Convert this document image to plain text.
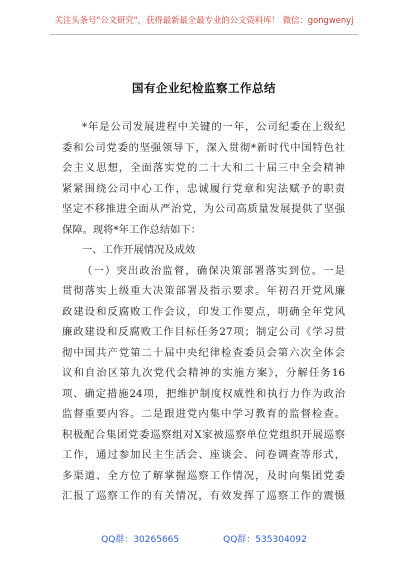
关注头条号"公文研究"，获得最新最全最专业的公文资料库！ 微信：gongwenyj
国有企业纪检监察工作总结
*年是公司发展进程中关键的一年，公司纪委在上级纪
委和公司党委的坚强领导下，深入贯彻*新时代中国特色社
会主义思想，全面落实党的二十大和二十届三中全会精神
紧紧围绕公司中心工作，忠诚履行党章和宪法赋予的职责
坚定不移推进全面从严治党，为公司高质量发展提供了坚强
保障。现将*年工作总结如下：
一、工作开展情况及成效
（一）突出政治监督，确保决策部署落实到位。一是
贯彻落实上级重大决策部署及指示要求。年初召开党风廉
政建设和反腐败工作会议，印发工作要点，明确全年党风
廉政建设和反腐败工作目标任务27项；制定公司《学习贯
彻中国共产党第二十届中央纪律检查委员会第六次全体会
议和自治区第九次党代会精神的实施方案》，分解任务16
项、确定措施24项，把维护制度权威性和执行力作为政治
监督重要内容。二是跟进党内集中学习教育的监督检查。
积极配合集团党委巡察组对X家被巡察单位党组织开展巡察
工作，通过参加民主生活会、座谈会、问卷调查等形式，
多渠道、全方位了解掌握巡察工作情况，及时向集团党委
汇报了巡察工作的有关情况，有效发挥了巡察工作的震慑
QQ群：30265665	QQ群：535304092
